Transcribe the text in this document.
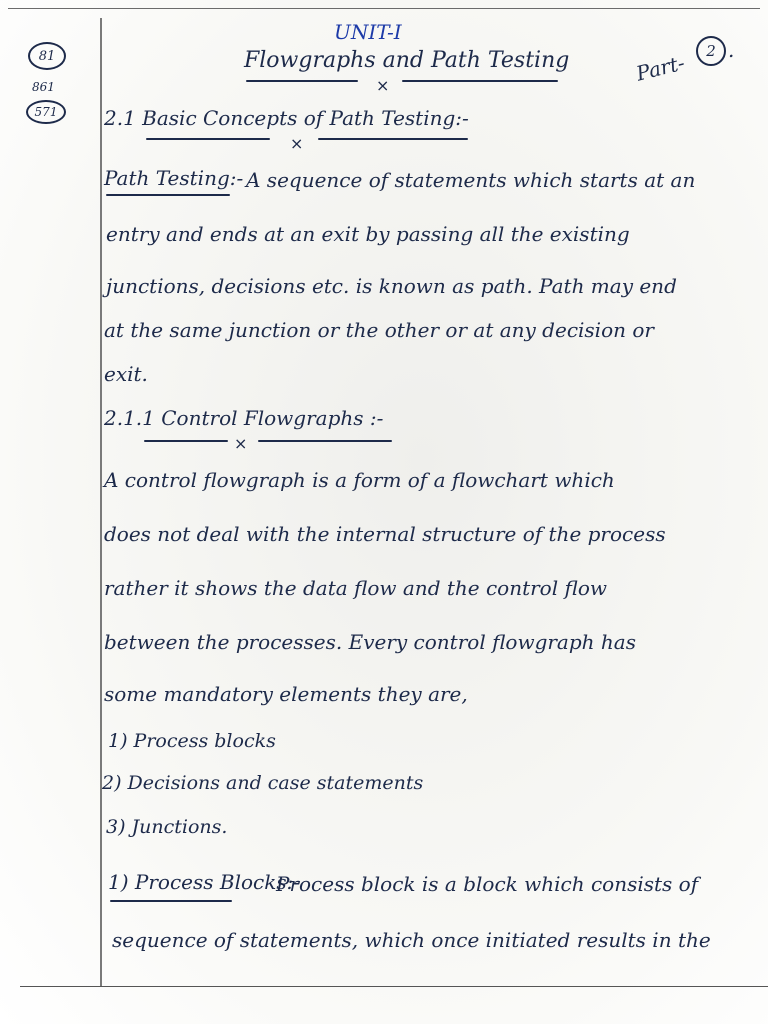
81
861
571
UNIT-I
Flowgraphs and Path Testing
×	Part- 2 .
2.1 Basic Concepts of Path Testing:-
×
Path Testing:- A sequence of statements which starts at an
entry and ends at an exit by passing all the existing
junctions, decisions etc. is known as path. Path may end
at the same junction or the other or at any decision or
exit.
2.1.1 Control Flowgraphs :-
×
A control flowgraph is a form of a flowchart which
does not deal with the internal structure of the process
rather it shows the data flow and the control flow
between the processes. Every control flowgraph has
some mandatory elements they are,
1) Process blocks
2) Decisions and case statements
3) Junctions.
1) Process Blocks:-
Process block is a block which consists of
sequence of statements, which once initiated results in the
